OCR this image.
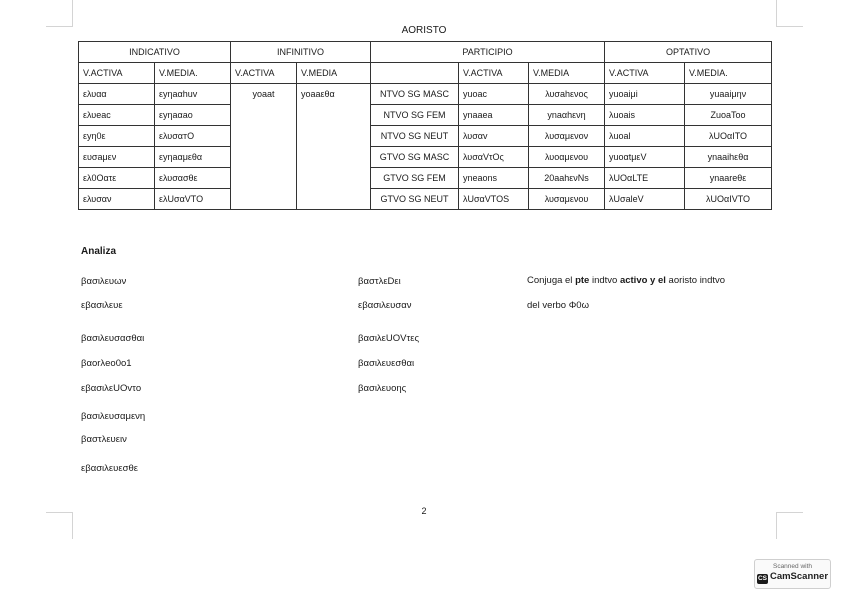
AORISTO
INDICATIVO		INFINITIVO		PARTICIPIO			OPTATIVO	
V.ACTIVA	V.MEDIA.	V.ACTIVA	V.MEDIA		V.ACTIVA	V.MEDIA	V.ACTIVA	V.MEDIA.
ελυαα	εyηaαhuv	yoaat	yoaaεθα	NTVO SG MASC	yuoac	λυσahενος	yuoaiμi	yuaaiμην
ελυeac	εyηaαao			NTVO SG FEM	ynaaea	ynaαhενη	λuoais	ZuoaToo
εyη0ε	ελυσαтO			NTVO SG NEUT	λυσαv	λυσαμενον	λuoal	λUOαITO
ευσaμεν	εyηaαμεθα			GTVO SG MASC	λυσαVτΟς	λυoαμενου	yuoαtμεV	ynaaihεθα
ελ0Oατε	ελυσασθε			GTVO SG FEM	yneaons	20aahενNs	λUOαLTE	ynaareθε
ελυσαν	ελUσαVTO			GTVO SG NEUT	λUσαVTOS	λυσαμενου	λUσaleV	λUOαIVTO
Analiza
βασιλευων
εβασιλευε
βασιλευσασθαι
βαorλeo0o1
εβασιλεUOvτo
βασιλευσαμενη
βαστλευειν
εβασιλευεσθε
βαστλεDει
εβασιλευσαν
βασιλεUOVτες
βασιλευεσθαι
βασιλευοης
Conjuga el pte indtvo activo y el aoristo indtvo
del verbo Φ0ω
2
Scanned with
CS CamScanner
